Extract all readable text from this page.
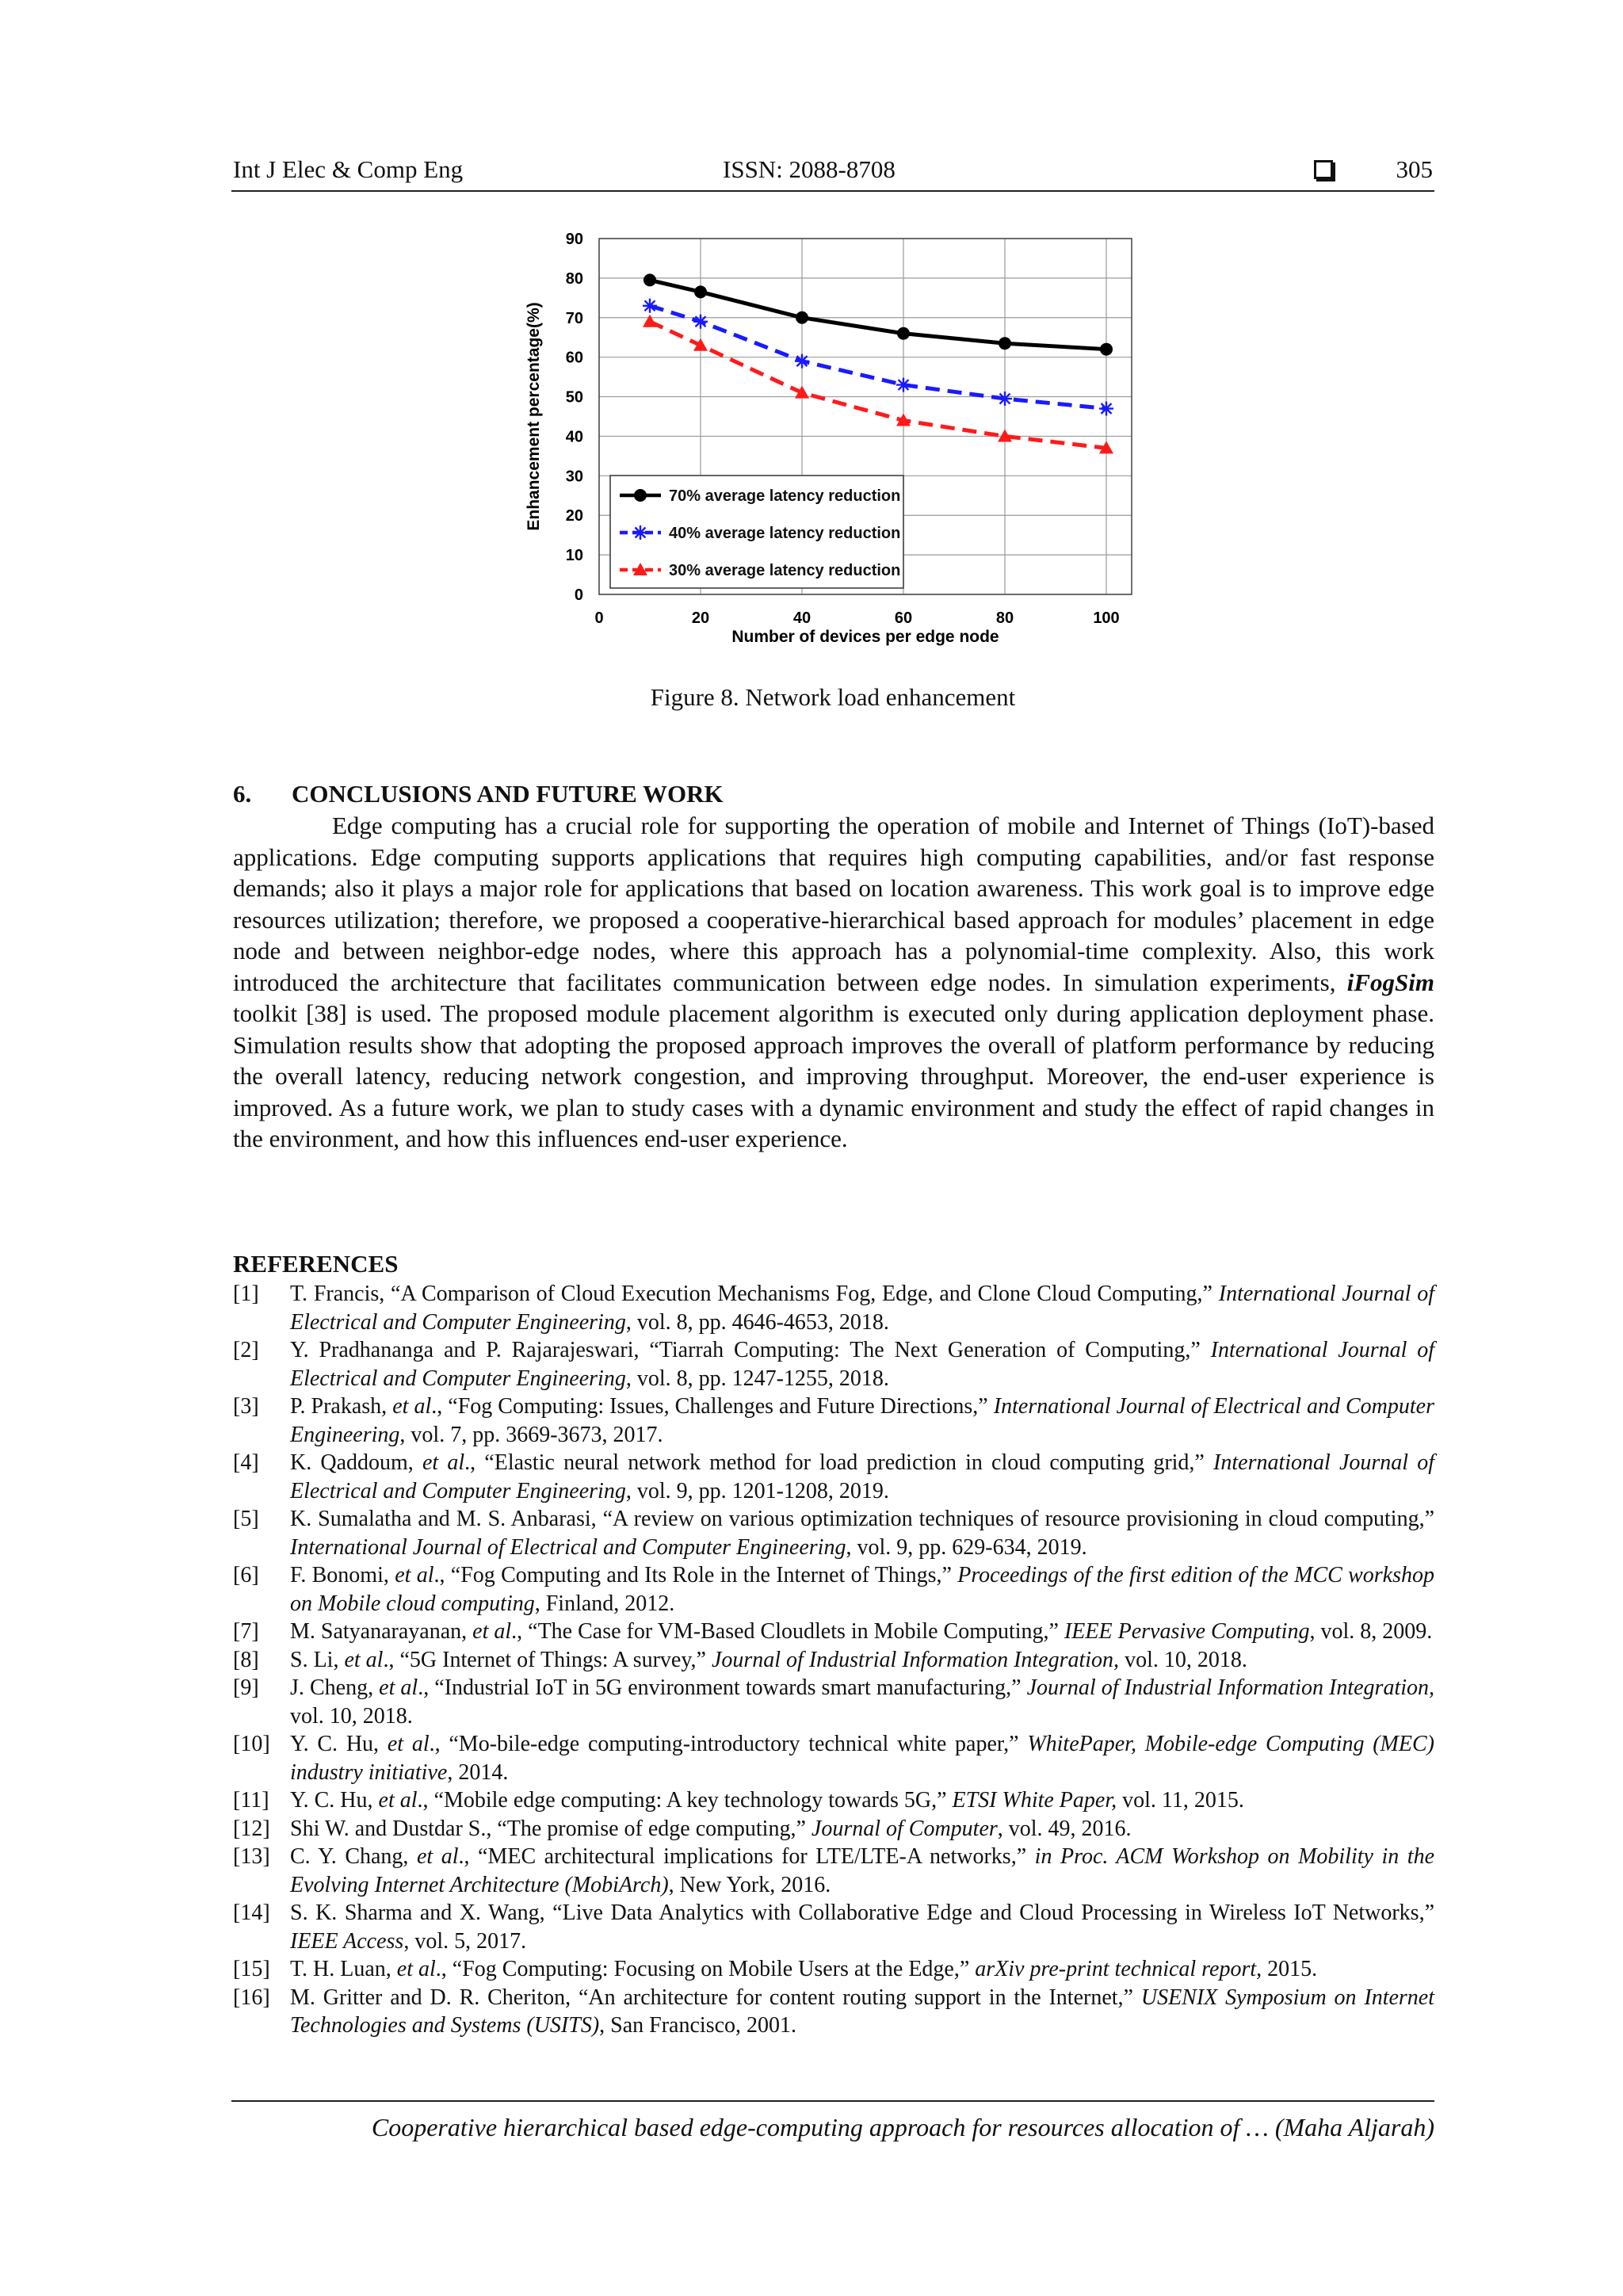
Int J Elec & Comp Eng	ISSN: 2088-8708	305
0
10
20
30
40
50
60
70
80
90
0	20	40	60	80	100
70% average latency reduction
40% average latency reduction
30% average latency reduction
Number of devices per edge node
Enhancement percentage(%)
Figure 8. Network load enhancement
6. CONCLUSIONS AND FUTURE WORK

Edge computing has a crucial role for supporting the operation of mobile and Internet of Things (IoT)-based applications. Edge computing supports applications that requires high computing capabilities, and/or fast response demands; also it plays a major role for applications that based on location awareness. This work goal is to improve edge resources utilization; therefore, we proposed a cooperative-hierarchical based approach for modules’ placement in edge node and between neighbor-edge nodes, where this approach has a polynomial-time complexity. Also, this work introduced the architecture that facilitates communication between edge nodes. In simulation experiments, iFogSim toolkit [38] is used. The proposed module placement algorithm is executed only during application deployment phase. Simulation results show that adopting the proposed approach improves the overall of platform performance by reducing the overall latency, reducing network congestion, and improving throughput. Moreover, the end-user experience is improved. As a future work, we plan to study cases with a dynamic environment and study the effect of rapid changes in the environment, and how this influences end-user experience.

REFERENCES
[1]	T. Francis, “A Comparison of Cloud Execution Mechanisms Fog, Edge, and Clone Cloud Computing,” International Journal of Electrical and Computer Engineering, vol. 8, pp. 4646-4653, 2018.
[2]	Y. Pradhananga and P. Rajarajeswari, “Tiarrah Computing: The Next Generation of Computing,” International Journal of Electrical and Computer Engineering, vol. 8, pp. 1247-1255, 2018.
[3]	P. Prakash, et al., “Fog Computing: Issues, Challenges and Future Directions,” International Journal of Electrical and Computer Engineering, vol. 7, pp. 3669-3673, 2017.
[4]	K. Qaddoum, et al., “Elastic neural network method for load prediction in cloud computing grid,” International Journal of Electrical and Computer Engineering, vol. 9, pp. 1201-1208, 2019.
[5]	K. Sumalatha and M. S. Anbarasi, “A review on various optimization techniques of resource provisioning in cloud computing,” International Journal of Electrical and Computer Engineering, vol. 9, pp. 629-634, 2019.
[6]	F. Bonomi, et al., “Fog Computing and Its Role in the Internet of Things,” Proceedings of the first edition of the MCC workshop on Mobile cloud computing, Finland, 2012.
[7]	M. Satyanarayanan, et al., “The Case for VM-Based Cloudlets in Mobile Computing,” IEEE Pervasive Computing, vol. 8, 2009.
[8]	S. Li, et al., “5G Internet of Things: A survey,” Journal of Industrial Information Integration, vol. 10, 2018.
[9]	J. Cheng, et al., “Industrial IoT in 5G environment towards smart manufacturing,” Journal of Industrial Information Integration, vol. 10, 2018.
[10] Y. C. Hu, et al., “Mo-bile-edge computing-introductory technical white paper,” WhitePaper, Mobile-edge Computing (MEC) industry initiative, 2014.
[11] Y. C. Hu, et al., “Mobile edge computing: A key technology towards 5G,” ETSI White Paper, vol. 11, 2015.
[12] Shi W. and Dustdar S., “The promise of edge computing,” Journal of Computer, vol. 49, 2016.
[13] C. Y. Chang, et al., “MEC architectural implications for LTE/LTE-A networks,” in Proc. ACM Workshop on Mobility in the Evolving Internet Architecture (MobiArch), New York, 2016.
[14] S. K. Sharma and X. Wang, “Live Data Analytics with Collaborative Edge and Cloud Processing in Wireless IoT Networks,” IEEE Access, vol. 5, 2017.
[15] T. H. Luan, et al., “Fog Computing: Focusing on Mobile Users at the Edge,” arXiv pre-print technical report, 2015.
[16] M. Gritter and D. R. Cheriton, “An architecture for content routing support in the Internet,” USENIX Symposium on Internet Technologies and Systems (USITS), San Francisco, 2001.
Cooperative hierarchical based edge-computing approach for resources allocation of … (Maha Aljarah)
